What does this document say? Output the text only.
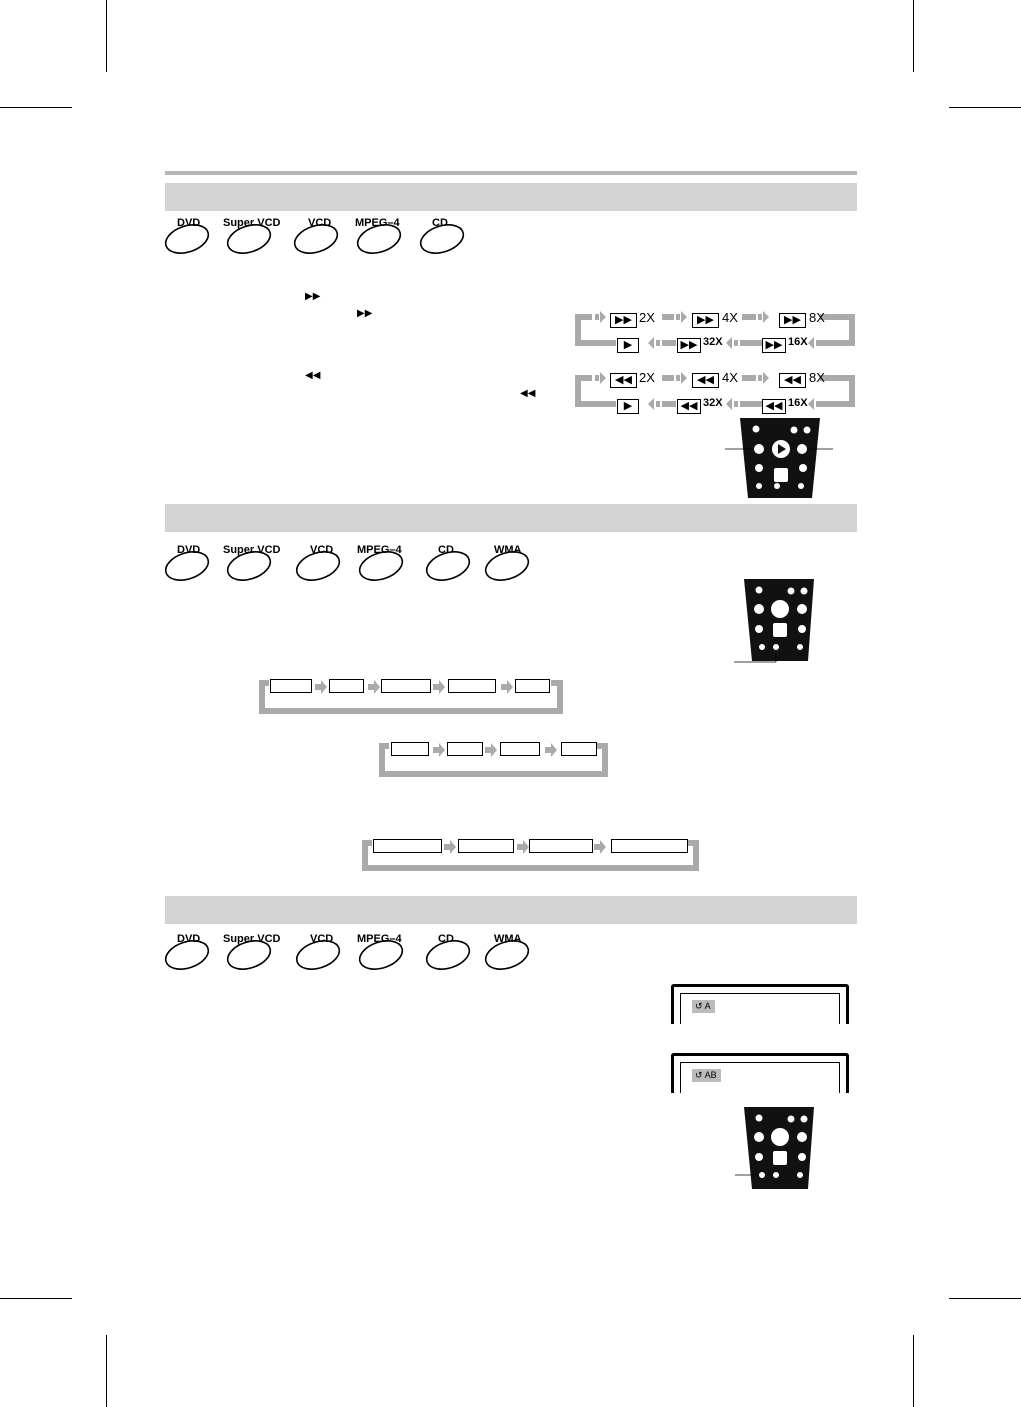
DVD Super VCD	VCD MPEG–4	CD
▶▶
▶▶
◀◀
◀◀
▶▶ 2X	▶▶ 4X	▶▶ 8X
▶	▶▶ 32X	▶▶ 16X
◀◀ 2X	◀◀ 4X	◀◀ 8X
▶	◀◀ 32X	◀◀ 16X
DVD Super VCD	VCD MPEG–4	CD	WMA
DVD Super VCD	VCD MPEG–4	CD	WMA
↺ A
↺ AB
